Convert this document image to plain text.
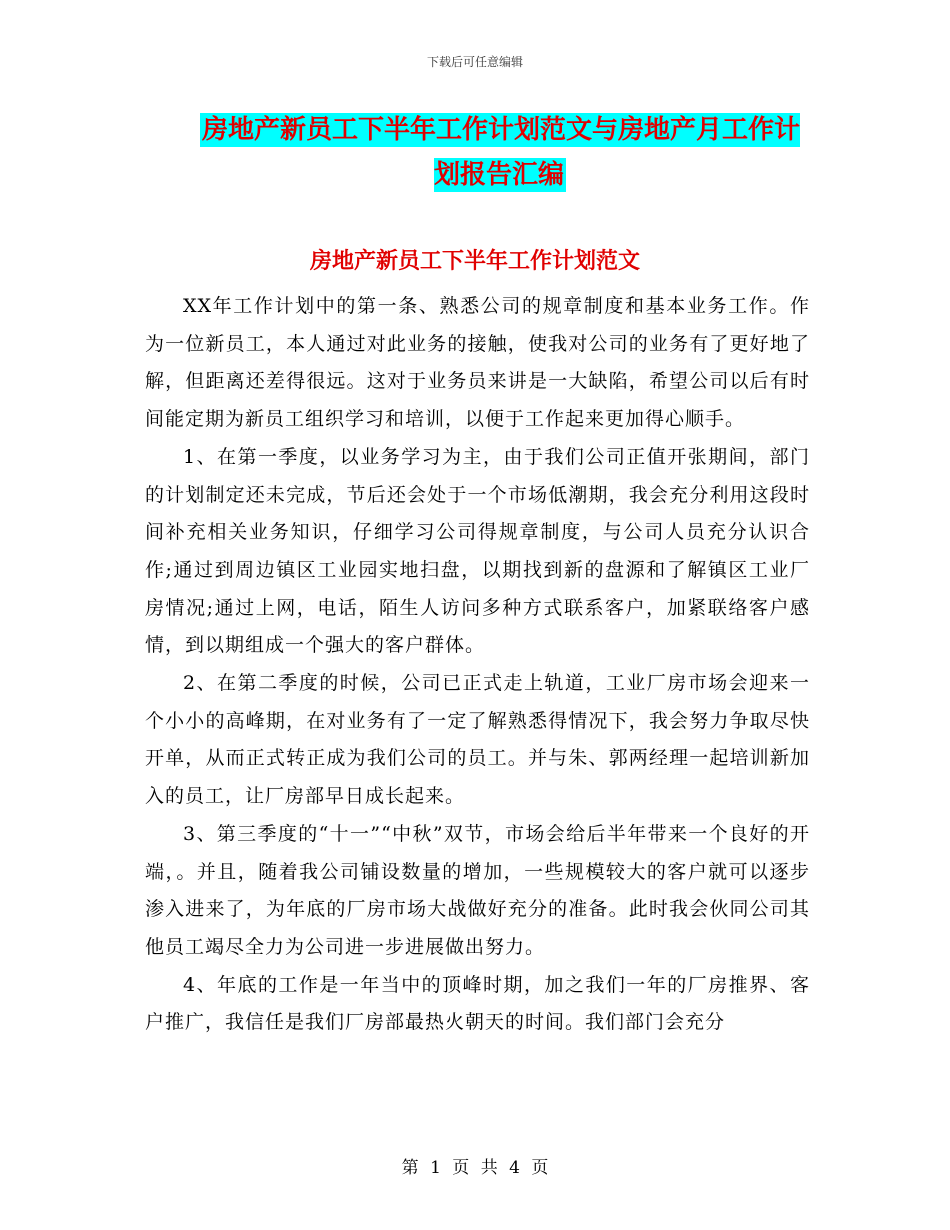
下载后可任意编辑
房地产新员工下半年工作计划范文与房地产月工作计划报告汇编
房地产新员工下半年工作计划范文

XX年工作计划中的第一条、熟悉公司的规章制度和基本业务工作。作为一位新员工，本人通过对此业务的接触，使我对公司的业务有了更好地了解，但距离还差得很远。这对于业务员来讲是一大缺陷，希望公司以后有时间能定期为新员工组织学习和培训，以便于工作起来更加得心顺手。

1、在第一季度，以业务学习为主，由于我们公司正值开张期间，部门的计划制定还未完成，节后还会处于一个市场低潮期，我会充分利用这段时间补充相关业务知识，仔细学习公司得规章制度，与公司人员充分认识合作;通过到周边镇区工业园实地扫盘，以期找到新的盘源和了解镇区工业厂房情况;通过上网，电话，陌生人访问多种方式联系客户，加紧联络客户感情，到以期组成一个强大的客户群体。

2、在第二季度的时候，公司已正式走上轨道，工业厂房市场会迎来一个小小的高峰期，在对业务有了一定了解熟悉得情况下，我会努力争取尽快开单，从而正式转正成为我们公司的员工。并与朱、郭两经理一起培训新加入的员工，让厂房部早日成长起来。

3、第三季度的“十一”“中秋”双节，市场会给后半年带来一个良好的开端，。并且，随着我公司铺设数量的增加，一些规模较大的客户就可以逐步渗入进来了，为年底的厂房市场大战做好充分的准备。此时我会伙同公司其他员工竭尽全力为公司进一步进展做出努力。

4、年底的工作是一年当中的顶峰时期，加之我们一年的厂房推界、客户推广，我信任是我们厂房部最热火朝天的时间。我们部门会充分

第 1 页 共 4 页
